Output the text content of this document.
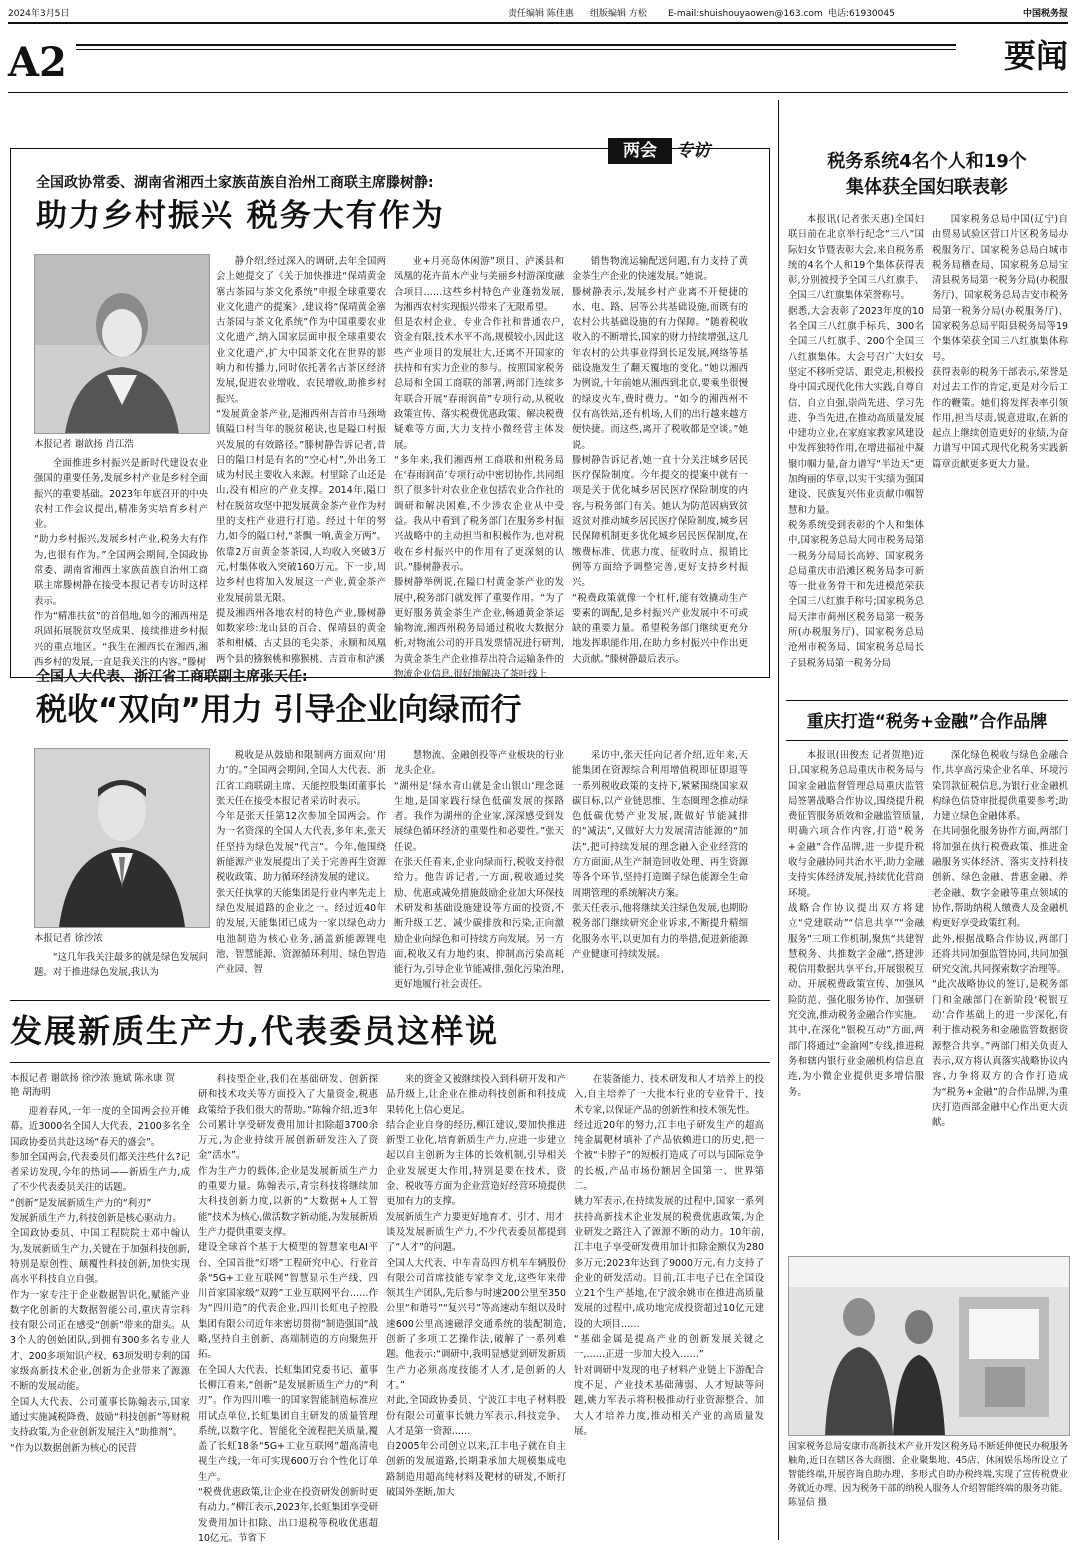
2024年3月5日	责任编辑 陈佳惠 组版编辑 方松 E-mail:shuishouyaowen@163.com 电话:61930045	中国税务报
A2	要闻
两会	专访
全国政协常委、湖南省湘西土家族苗族自治州工商联主席滕树静:
助力乡村振兴 税务大有作为
本报记者 谢歆扬 肖江浩

全面推进乡村振兴是新时代建设农业强国的重要任务,发展乡村产业是乡村全面振兴的重要基础。2023年年底召开的中央农村工作会议提出,精准务实培育乡村产业。
“助力乡村振兴,发展乡村产业,税务大有作为,也很有作为。”全国两会期间,全国政协常委、湖南省湘西土家族苗族自治州工商联主席滕树静在接受本报记者专访时这样表示。
作为“精准扶贫”的首倡地,如今的湘西州是巩固拓展脱贫攻坚成果、接续推进乡村振兴的重点地区。“我生在湘西长在湘西,湘西乡村的发展,一直是我关注的内容。”滕树

静介绍,经过深入的调研,去年全国两会上她提交了《关于加快推进“保靖黄金寨古茶园与茶文化系统”申报全球重要农业文化遗产的提案》,建议将“保靖黄金寨古茶园与茶文化系统”作为中国重要农业文化遗产,纳入国家层面申报全球重要农业文化遗产,扩大中国茶文化在世界的影响力和传播力,同时依托著名古茶区经济发展,促进农业增收、农民增收,助推乡村振兴。
“发展黄金茶产业,是湘西州吉首市马颈坳镇隘口村当年的脱贫秘诀,也是隘口村振兴发展的有效路径。”滕树静告诉记者,昔日的隘口村是有名的“空心村”,外出务工成为村民主要收入来源。村里除了山还是山,没有相应的产业支撑。2014年,隘口村在脱贫攻坚中把发展黄金茶产业作为村里的支柱产业进行打造。经过十年的努力,如今的隘口村,“茶飘一响,黄金万两”。依靠2万亩黄金茶茶园,人均收入突破3万元,村集体收入突破160万元。下一步,周边乡村也将加入发展这一产业,黄金茶产业发展前景无限。
提及湘西州各地农村的特色产业,滕树静如数家珍:龙山县的百合、保靖县的黄金茶和柑橘、古丈县的毛尖茶、永顺和凤凰两个县的猕猴桃和猕猴桃、吉首市和泸溪

业+月亮岛休闲游”项目、泸溪县和凤凰的花卉苗木产业与美丽乡村游深度融合项目……这些乡村特色产业蓬勃发展,为湘西农村实现振兴带来了无限希望。
但是农村企业、专业合作社和普通农户,资金有限,技术水平不高,规模较小,因此这些产业项目的发展壮大,还离不开国家的扶持和有实力企业的参与。按照国家税务总局和全国工商联的部署,两部门连续多年联合开展“春雨润苗”专项行动,从税收政策宣传、落实税费优惠政策、解决税费疑难等方面,大力支持小微经营主体发展。
“多年来,我们湘西州工商联和州税务局在‘春雨润苗’专项行动中密切协作,共同组织了很多针对农业企业包括农业合作社的调研和解决困难,不少涉农企业从中受益。我从中看到了税务部门在服务乡村振兴战略中的主动担当和积极作为,也对税收在乡村振兴中的作用有了更深刻的认识。”滕树静表示。
滕树静举例说,在隘口村黄金茶产业的发展中,税务部门就发挥了重要作用。“为了更好服务黄金茶生产企业,畅通黄金茶运输物流,湘西州税务局通过税收大数据分析,对物流公司的开具发票情况进行研判,为黄金茶生产企业推荐出符合运输条件的物流企业信息,很好地解决了茶叶线上

销售物流运输配送问题,有力支持了黄金茶生产企业的快速发展。”她说。
滕树静表示,发展乡村产业离不开便捷的水、电、路、居等公共基础设施,而既有的农村公共基础设施的有力保障。“随着税收收入的不断增长,国家的财力持续增强,这几年农村的公共事业得到长足发展,网络等基础设施发生了翻天覆地的变化。”她以湘西为例说,十年前她从湘西到北京,要乘坐很慢的绿皮火车,费时费力。“如今的湘西州不仅有高铁站,还有机场,人们的出行越来越方便快捷。而这些,离开了税收都是空谈。”她说。
滕树静告诉记者,她一直十分关注城乡居民医疗保险制度。今年提交的提案中就有一项是关于优化城乡居民医疗保险制度的内容,与税务部门有关。她认为防范因病致贫返贫对推动城乡居民医疗保险制度,城乡居民保障机制更多优化城乡居民医保制度,在缴费标准、优惠力度、征收时点、报销比例等方面给予调整完善,更好支持乡村振兴。
“税费政策就像一个杠杆,能有效撬动生产要素的调配,是乡村振兴产业发展中不可或缺的重要力量。希望税务部门继续更充分地发挥职能作用,在助力乡村振兴中作出更大贡献。”滕树静最后表示。

全国人大代表、浙江省工商联副主席张天任:
税收“双向”用力 引导企业向绿而行
本报记者 徐沙浓

“这几年我关注最多的就是绿色发展问题。对于推进绿色发展,我认为

税收是从鼓励和限制两方面双向‘用力’的。”全国两会期间,全国人大代表、浙江省工商联副主席、天能控股集团董事长张天任在接受本报记者采访时表示。
今年是张天任第12次参加全国两会。作为一名资深的全国人大代表,多年来,张天任坚持为绿色发展“代言”。今年,他围绕新能源产业发展提出了关于完善再生资源税收政策、助力循环经济发展的建议。
张天任执掌的天能集团是行业内率先走上绿色发展道路的企业之一。经过近40年的发展,天能集团已成为一家以绿色动力电池制造为核心业务,涵盖新能源锂电池、智慧能源、资源循环利用、绿色智造产业园、智

慧物流、金融创投等产业板块的行业龙头企业。
“湖州是‘绿水青山就是金山银山’理念诞生地,是国家践行绿色低碳发展的探路者。我作为湖州的企业家,深深感受到发展绿色循环经济的重要性和必要性。”张天任说。
在张天任看来,企业向绿而行,税收支持很给力。他告诉记者,一方面,税收通过奖励、优惠或减免措施鼓励企业加大环保技术研发和基础设施建设等方面的投资,不断升级工艺、减少碳排放和污染,正向激励企业向绿色和可持续方向发展。另一方面,税收又有力地约束、抑制高污染高耗能行为,引导企业节能减排,强化污染治理,更好地履行社会责任。

采访中,张天任向记者介绍,近年来,天能集团在资源综合利用增值税即征即退等一系列税收政策的支持下,紧紧围绕国家双碳目标,以产业链思维、生态圈理念推动绿色低碳优势产业发展,既做好节能减排的“减法”,又做好大力发展清洁能源的“加法”,把可持续发展的理念融入企业经营的方方面面,从生产制造回收处理、再生资源等各个环节,坚持打造圈子绿色能源全生命周期管理的系统解决方案。
张天任表示,他将继续关注绿色发展,也期盼税务部门继续研究企业诉求,不断提升精细化服务水平,以更加有力的举措,促进新能源产业健康可持续发展。

发展新质生产力,代表委员这样说
本报记者 谢歆扬 徐沙浓 施斌 陈永康 贺艳 胡海明

迎着春风,一年一度的全国两会拉开帷幕。近3000名全国人大代表、2100多名全国政协委员共赴这场“春天的盛会”。
参加全国两会,代表委员们都关注些什么?记者采访发现,今年的热词——新质生产力,成了不少代表委员关注的话题。
“创新”是发展新质生产力的“利刃”
发展新质生产力,科技创新是核心驱动力。
全国政协委员、中国工程院院士邓中翰认为,发展新质生产力,关键在于加强科技创新,特别是原创性、颠覆性科技创新,加快实现高水平科技自立自强。
作为一家专注于企业数据智识化,赋能产业数字化创新的大数据智能公司,重庆青宗科技有限公司正在感受“创新”带来的甜头。从3个人的创始团队,到拥有300多名专业人才、200多项知识产权、63项发明专利的国家级高新技术企业,创新为企业带来了源源不断的发展动能。
全国人大代表、公司董事长陈翰表示,国家通过实施减税降费、鼓励“科技创新”等财税支持政策,为企业创新发展注入“助推剂”。
“作为以数据创新为核心的民营

科技型企业,我们在基础研发、创新探研和技术攻关等方面投入了大量资金,税惠政策给予我们很大的帮助。”陈翰介绍,近3年公司累计享受研发费用加计扣除超3700余万元,为企业持续开展创新研发注入了资金“活水”。
作为生产力的载体,企业是发展新质生产力的重要力量。陈翰表示,青宗科技将继续加大科技创新力度,以新的“大数据+人工智能”技术为核心,做活数字新动能,为发展新质生产力提供重要支撑。
建设全球首个基于大模型的智慧家电AI平台、全国首批“灯塔”工程研究中心、行业首条“5G+工业互联网”智慧显示生产线、四川首家国家级“双跨”工业互联网平台……作为“四川造”的代表企业,四川长虹电子控股集团有限公司近年来密切贯彻“制造强国”战略,坚持自主创新、高端制造的方向聚焦开拓。
在全国人大代表、长虹集团党委书记、董事长柳江看来,“创新”是发展新质生产力的“利刃”。作为四川唯一的国家智能制造标准应用试点单位,长虹集团自主研发的质量管理系统,以数字化、智能化全流程把关质量,覆盖了长虹18条“5G+工业互联网”超高清电视生产线,一年可实现600万台个性化订单生产。
“税费优惠政策,让企业在投资研发创新时更有动力。”柳江表示,2023年,长虹集团享受研发费用加计扣除、出口退税等税收优惠超10亿元。节省下

来的资金又被继续投入到科研开发和产品升级上,让企业在推动科技创新和科技成果转化上信心更足。
结合企业自身的经历,柳江建议,要加快推进新型工业化,培育新质生产力,应进一步建立起以自主创新为主体的长效机制,引导相关企业发展更大作用,特别是要在技术、资金、税收等方面为企业营造好经营环境提供更加有力的支撑。
发展新质生产力要更好地育才、引才、用才
谈及发展新质生产力,不少代表委员都提到了“人才”的问题。
全国人大代表、中车青岛四方机车车辆股份有限公司首席技能专家李文龙,这些年来带领其生产团队,先后参与时速200公里至350公里“和谐号”“复兴号”等高速动车组以及时速600公里高速磁浮交通系统的装配制造,创新了多项工艺操作法,破解了一系列难题。他表示:“调研中,我明显感觉到研发新质生产力必须高度技能才人才,是创新的人才。”
对此,全国政协委员、宁波江丰电子材料股份有限公司董事长姚力军表示,科技竞争、人才是第一资源……
自2005年公司创立以来,江丰电子就在自主创新的发展道路,长期秉承加大规模集成电路制造用超高纯材料及靶材的研发,不断打破国外垄断,加大

在装备能力、技术研发和人才培养上的投入,自主培养了一大批本行业的专业骨干、技术专家,以保证产品的创新性和技术领先性。
经过近20年的努力,江丰电子研发生产的超高纯金属靶材填补了产品依赖进口的历史,把一个被“卡脖子”的短板打造成了可以与国际竞争的长板,产品市场份额居全国第一、世界第二。
姚力军表示,在持续发展的过程中,国家一系列扶持高新技术企业发展的税费优惠政策,为企业研发之路注入了源源不断的动力。10年前,江丰电子享受研发费用加计扣除金额仅为280多万元;2023年达到了9000万元,有力支持了企业的研发活动。目前,江丰电子已在全国设立21个生产基地,在宁波余姚市在推进高质量发展的过程中,成功地完成投资超过10亿元建设的大项目……
“基础金属是提高产业的创新发展关键之一,……正进一步加大投入……”
针对调研中发现的电子材料产业链上下游配合度不足、产业技术基础薄弱、人才短缺等问题,姚力军表示将积极推动行业资源整合、加大人才培养力度,推动相关产业的高质量发展。

税务系统4名个人和19个
集体获全国妇联表彰

本报讯(记者张天惠)全国妇联日前在北京举行纪念“三八”国际妇女节暨表彰大会,来自税务系统的4名个人和19个集体获得表彰,分别被授予全国三八红旗手、全国三八红旗集体荣誉称号。
据悉,大会表彰了2023年度的10名全国三八红旗手标兵、300名全国三八红旗手、200个全国三八红旗集体。大会号召广大妇女坚定不移听党话、跟党走,积极投身中国式现代化伟大实践,自尊自信、自立自强,崇尚先进、学习先进、争当先进,在推动高质量发展中建功立业,在家庭家教家风建设中发挥独特作用,在增进福祉中凝聚巾帼力量,奋力谱写“半边天”更加绚丽的华章,以实干实绩为强国建设、民族复兴伟业贡献巾帼智慧和力量。
税务系统受到表彰的个人和集体中,国家税务总局大同市税务局第一税务分局局长高婷、国家税务总局重庆市沿滩区税务局李可新等一批业务骨干和先进模范荣获全国三八红旗手称号;国家税务总局天津市蓟州区税务局第一税务所(办税服务厅)、国家税务总局沧州市税务局、国家税务总局长子县税务局第一税务分局

国家税务总局中国(辽宁)自由贸易试验区营口片区税务局办税服务厅、国家税务总局白城市税务局稽查局、国家税务总局宝清县税务局第一税务分局(办税服务厅)、国家税务总局吉安市税务局第一税务分局(办税服务厅)、国家税务总局平阳县税务局等19个集体荣获全国三八红旗集体称号。
获得表彰的税务干部表示,荣誉是对过去工作的肯定,更是对今后工作的鞭策。她们将发挥表率引领作用,担当尽责,锐意进取,在新的起点上继续创造更好的业绩,为奋力谱写中国式现代化税务实践新篇章贡献更多更大力量。

重庆打造“税务+金融”合作品牌

本报讯(田俊杰 记者贺艳)近日,国家税务总局重庆市税务局与国家金融监督管理总局重庆监管局签署战略合作协议,围绕提升税费征管服务质效和金融监管质量,明确六项合作内容,打造“税务+金融”合作品牌,进一步提升税收与金融协同共治水平,助力金融支持实体经济发展,持续优化营商环境。
战略合作协议提出双方将建立“党建联动”“信息共享”“金融服务”三项工作机制,聚焦“共建智慧税务、共推数字金融”,搭建涉税信用数据共享平台,开展银税互动、开展税费政策宣传、加强风险防范、强化服务协作、加强研究交流,推动税务金融合作实施。
其中,在深化“银税互动”方面,两部门将通过“金渝网”专线,推进税务和辖内银行业金融机构信息直连,为小微企业提供更多增信服务。

深化绿色税收与绿色金融合作,共享高污染企业名单、环境污染罚款征税信息,为银行业金融机构绿色信贷审批提供重要参考;助力建立绿色金融体系。
在共同强化服务协作方面,两部门将加强在执行税费政策、推进金融服务实体经济、落实支持科技创新、绿色金融、普惠金融、养老金融、数字金融等重点领域的协作,帮助纳税人缴费人及金融机构更好享受政策红利。
此外,根据战略合作协议,两部门还将共同加强监管协同,共同加强研究交流,共同探索数字治理等。
“此次战略协议的签订,是税务部门和金融部门在新阶段‘税银互动’合作基础上的进一步深化,有利于推动税务和金融监管数据资源整合共享。”两部门相关负责人表示,双方将认真落实战略协议内容,力争将双方的合作打造成为“税务+金融”的合作品牌,为重庆打造西部金融中心作出更大贡献。

国家税务总局安康市高新技术产业开发区税务局不断延伸便民办税服务触角,近日在辖区各大商圈、企业聚集地、45店、休闲娱乐场所设立了智能终端,开展咨询自助办理、多形式自助办税终端,实现了宣传税费业务就近办理、因为税务干部的纳税人服务人介绍智能终端的服务功能。 陈显信 摄
